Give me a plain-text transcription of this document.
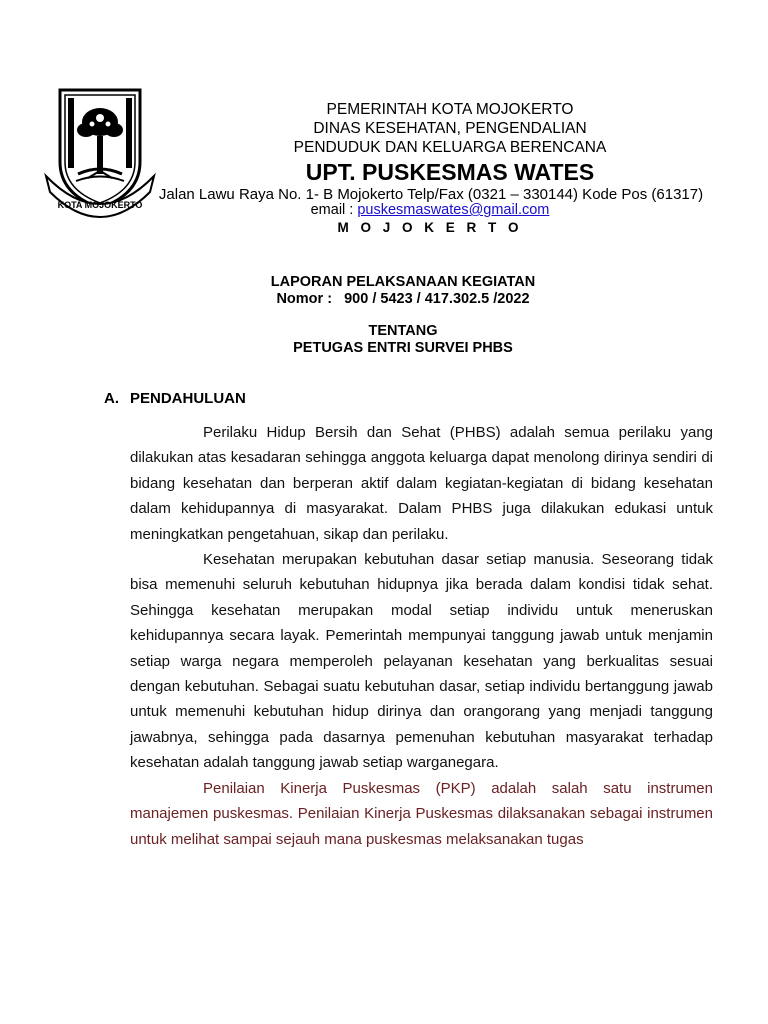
KOTA MOJOKERTO
PEMERINTAH KOTA MOJOKERTO
DINAS KESEHATAN, PENGENDALIAN
PENDUDUK DAN KELUARGA BERENCANA
UPT. PUSKESMAS WATES
Jalan Lawu Raya No. 1- B Mojokerto Telp/Fax (0321 – 330144) Kode Pos (61317)
email : puskesmaswates@gmail.com
M O J O K E R T O
LAPORAN PELAKSANAAN KEGIATAN
Nomor :   900 / 5423 / 417.302.5 /2022
TENTANG
PETUGAS ENTRI SURVEI PHBS
A. PENDAHULUAN

Perilaku Hidup Bersih dan Sehat (PHBS) adalah semua perilaku yang dilakukan atas kesadaran sehingga anggota keluarga dapat menolong dirinya sendiri di bidang kesehatan dan berperan aktif dalam kegiatan-kegiatan di bidang kesehatan dalam kehidupannya di masyarakat. Dalam PHBS juga dilakukan edukasi untuk meningkatkan pengetahuan, sikap dan perilaku.

Kesehatan merupakan kebutuhan dasar setiap manusia. Seseorang tidak bisa memenuhi seluruh kebutuhan hidupnya jika berada dalam kondisi tidak sehat. Sehingga kesehatan merupakan modal setiap individu untuk meneruskan kehidupannya secara layak. Pemerintah mempunyai tanggung jawab untuk menjamin setiap warga negara memperoleh pelayanan kesehatan yang berkualitas sesuai dengan kebutuhan. Sebagai suatu kebutuhan dasar, setiap individu bertanggung jawab untuk memenuhi kebutuhan hidup dirinya dan orangorang yang menjadi tanggung jawabnya, sehingga pada dasarnya pemenuhan kebutuhan masyarakat terhadap kesehatan adalah tanggung jawab setiap warganegara.

Penilaian Kinerja Puskesmas (PKP) adalah salah satu instrumen manajemen puskesmas. Penilaian Kinerja Puskesmas dilaksanakan sebagai instrumen untuk melihat sampai sejauh mana puskesmas melaksanakan tugas
